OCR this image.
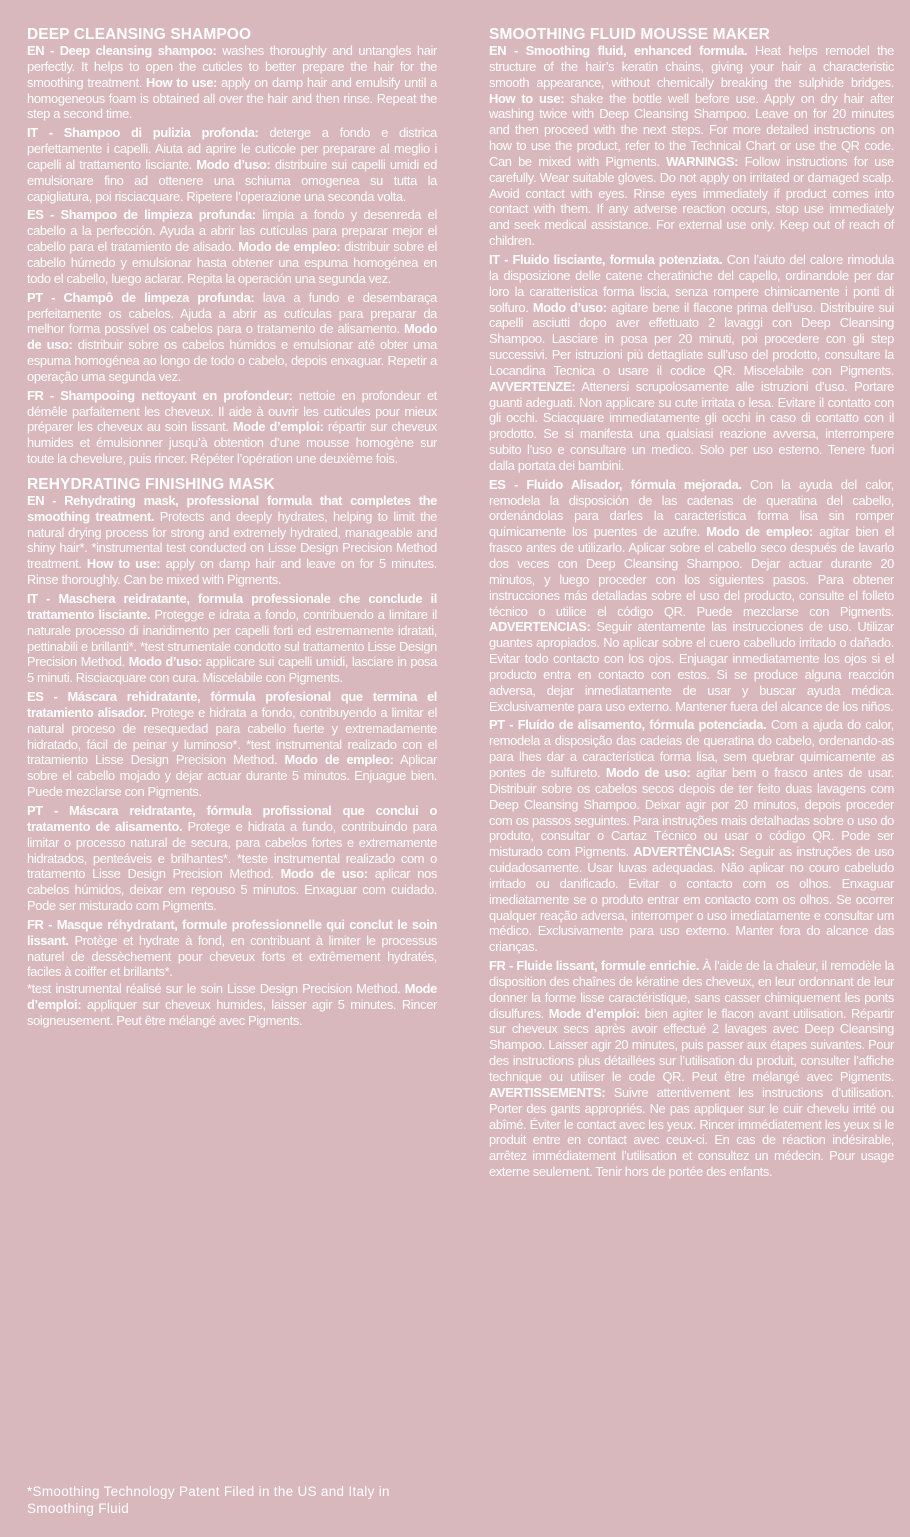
DEEP CLEANSING SHAMPOO

EN - Deep cleansing shampoo: washes thoroughly and untangles hair perfectly. It helps to open the cuticles to better prepare the hair for the smoothing treatment. How to use: apply on damp hair and emulsify until a homogeneous foam is obtained all over the hair and then rinse. Repeat the step a second time.

IT - Shampoo di pulizia profonda: deterge a fondo e districa perfettamente i capelli. Aiuta ad aprire le cuticole per preparare al meglio i capelli al trattamento lisciante. Modo d’uso: distribuire sui capelli umidi ed emulsionare fino ad ottenere una schiuma omogenea su tutta la capigliatura, poi risciacquare. Ripetere l’operazione una seconda volta.

ES - Shampoo de limpieza profunda: limpia a fondo y desenreda el cabello a la perfección. Ayuda a abrir las cutículas para preparar mejor el cabello para el tratamiento de alisado. Modo de empleo: distribuir sobre el cabello húmedo y emulsionar hasta obtener una espuma homogénea en todo el cabello, luego aclarar. Repita la operación una segunda vez.

PT - Champô de limpeza profunda: lava a fundo e desembaraça perfeitamente os cabelos. Ajuda a abrir as cutículas para preparar da melhor forma possível os cabelos para o tratamento de alisamento. Modo de uso: distribuir sobre os cabelos húmidos e emulsionar até obter uma espuma homogénea ao longo de todo o cabelo, depois enxaguar. Repetir a operação uma segunda vez.

FR - Shampooing nettoyant en profondeur: nettoie en profondeur et démêle parfaitement les cheveux. Il aide à ouvrir les cuticules pour mieux préparer les cheveux au soin lissant. Mode d’emploi: répartir sur cheveux humides et émulsionner jusqu’à obtention d’une mousse homogène sur toute la chevelure, puis rincer. Répéter l’opération une deuxième fois.

REHYDRATING FINISHING MASK

EN - Rehydrating mask, professional formula that completes the smoothing treatment. Protects and deeply hydrates, helping to limit the natural drying process for strong and extremely hydrated, manageable and shiny hair*. *instrumental test conducted on Lisse Design Precision Method treatment. How to use: apply on damp hair and leave on for 5 minutes. Rinse thoroughly. Can be mixed with Pigments.

IT - Maschera reidratante, formula professionale che conclude il trattamento lisciante. Protegge e idrata a fondo, contribuendo a limitare il naturale processo di inaridimento per capelli forti ed estremamente idratati, pettinabili e brillanti*. *test strumentale condotto sul trattamento Lisse Design Precision Method. Modo d’uso: applicare sui capelli umidi, lasciare in posa 5 minuti. Risciacquare con cura. Miscelabile con Pigments.

ES - Máscara rehidratante, fórmula profesional que termina el tratamiento alisador. Protege e hidrata a fondo, contribuyendo a limitar el natural proceso de resequedad para cabello fuerte y extremadamente hidratado, fácil de peinar y luminoso*. *test instrumental realizado con el tratamiento Lisse Design Precision Method. Modo de empleo: Aplicar sobre el cabello mojado y dejar actuar durante 5 minutos. Enjuague bien. Puede mezclarse con Pigments.

PT - Máscara reidratante, fórmula profissional que conclui o tratamento de alisamento. Protege e hidrata a fundo, contribuindo para limitar o processo natural de secura, para cabelos fortes e extremamente hidratados, penteáveis e brilhantes*. *teste instrumental realizado com o tratamento Lisse Design Precision Method. Modo de uso: aplicar nos cabelos húmidos, deixar em repouso 5 minutos. Enxaguar com cuidado. Pode ser misturado com Pigments.

FR - Masque réhydratant, formule professionnelle qui conclut le soin lissant. Protège et hydrate à fond, en contribuant à limiter le processus naturel de dessèchement pour cheveux forts et extrêmement hydratés, faciles à coiffer et brillants*.

*test instrumental réalisé sur le soin Lisse Design Precision Method. Mode d’emploi: appliquer sur cheveux humides, laisser agir 5 minutes. Rincer soigneusement. Peut être mélangé avec Pigments.

*Smoothing Technology Patent Filed in the US and Italy in Smoothing Fluid
SMOOTHING FLUID MOUSSE MAKER

EN - Smoothing fluid, enhanced formula. Heat helps remodel the structure of the hair’s keratin chains, giving your hair a characteristic smooth appearance, without chemically breaking the sulphide bridges. How to use: shake the bottle well before use. Apply on dry hair after washing twice with Deep Cleansing Shampoo. Leave on for 20 minutes and then proceed with the next steps. For more detailed instructions on how to use the product, refer to the Technical Chart or use the QR code. Can be mixed with Pigments. WARNINGS: Follow instructions for use carefully. Wear suitable gloves. Do not apply on irritated or damaged scalp. Avoid contact with eyes. Rinse eyes immediately if product comes into contact with them. If any adverse reaction occurs, stop use immediately and seek medical assistance. For external use only. Keep out of reach of children.

IT - Fluido lisciante, formula potenziata. Con l’aiuto del calore rimodula la disposizione delle catene cheratiniche del capello, ordinandole per dar loro la caratteristica forma liscia, senza rompere chimicamente i ponti di solfuro. Modo d’uso: agitare bene il flacone prima dell’uso. Distribuire sui capelli asciutti dopo aver effettuato 2 lavaggi con Deep Cleansing Shampoo. Lasciare in posa per 20 minuti, poi procedere con gli step successivi. Per istruzioni più dettagliate sull’uso del prodotto, consultare la Locandina Tecnica o usare il codice QR. Miscelabile con Pigments. AVVERTENZE: Attenersi scrupolosamente alle istruzioni d’uso. Portare guanti adeguati. Non applicare su cute irritata o lesa. Evitare il contatto con gli occhi. Sciacquare immediatamente gli occhi in caso di contatto con il prodotto. Se si manifesta una qualsiasi reazione avversa, interrompere subito l’uso e consultare un medico. Solo per uso esterno. Tenere fuori dalla portata dei bambini.

ES - Fluido Alisador, fórmula mejorada. Con la ayuda del calor, remodela la disposición de las cadenas de queratina del cabello, ordenándolas para darles la característica forma lisa sin romper químicamente los puentes de azufre. Modo de empleo: agitar bien el frasco antes de utilizarlo. Aplicar sobre el cabello seco después de lavarlo dos veces con Deep Cleansing Shampoo. Dejar actuar durante 20 minutos, y luego proceder con los siguientes pasos. Para obtener instrucciones más detalladas sobre el uso del producto, consulte el folleto técnico o utilice el código QR. Puede mezclarse con Pigments. ADVERTENCIAS: Seguir atentamente las instrucciones de uso. Utilizar guantes apropiados. No aplicar sobre el cuero cabelludo irritado o dañado. Evitar todo contacto con los ojos. Enjuagar inmediatamente los ojos si el producto entra en contacto con estos. Si se produce alguna reacción adversa, dejar inmediatamente de usar y buscar ayuda médica. Exclusivamente para uso externo. Mantener fuera del alcance de los niños.

PT - Fluído de alisamento, fórmula potenciada. Com a ajuda do calor, remodela a disposição das cadeias de queratina do cabelo, ordenando-as para lhes dar a característica forma lisa, sem quebrar quimicamente as pontes de sulfureto. Modo de uso: agitar bem o frasco antes de usar. Distribuir sobre os cabelos secos depois de ter feito duas lavagens com Deep Cleansing Shampoo. Deixar agir por 20 minutos, depois proceder com os passos seguintes. Para instruções mais detalhadas sobre o uso do produto, consultar o Cartaz Técnico ou usar o código QR. Pode ser misturado com Pigments. ADVERTÊNCIAS: Seguir as instruções de uso cuidadosamente. Usar luvas adequadas. Não aplicar no couro cabeludo irritado ou danificado. Evitar o contacto com os olhos. Enxaguar imediatamente se o produto entrar em contacto com os olhos. Se ocorrer qualquer reação adversa, interromper o uso imediatamente e consultar um médico. Exclusivamente para uso externo. Manter fora do alcance das crianças.

FR - Fluide lissant, formule enrichie. À l’aide de la chaleur, il remodèle la disposition des chaînes de kératine des cheveux, en leur ordonnant de leur donner la forme lisse caractéristique, sans casser chimiquement les ponts disulfures. Mode d’emploi: bien agiter le flacon avant utilisation. Répartir sur cheveux secs après avoir effectué 2 lavages avec Deep Cleansing Shampoo. Laisser agir 20 minutes, puis passer aux étapes suivantes. Pour des instructions plus détaillées sur l’utilisation du produit, consulter l’affiche technique ou utiliser le code QR. Peut être mélangé avec Pigments. AVERTISSEMENTS: Suivre attentivement les instructions d’utilisation. Porter des gants appropriés. Ne pas appliquer sur le cuir chevelu irrité ou abîmé. Éviter le contact avec les yeux. Rincer immédiatement les yeux si le produit entre en contact avec ceux-ci. En cas de réaction indésirable, arrêtez immédiatement l’utilisation et consultez un médecin. Pour usage externe seulement. Tenir hors de portée des enfants.
